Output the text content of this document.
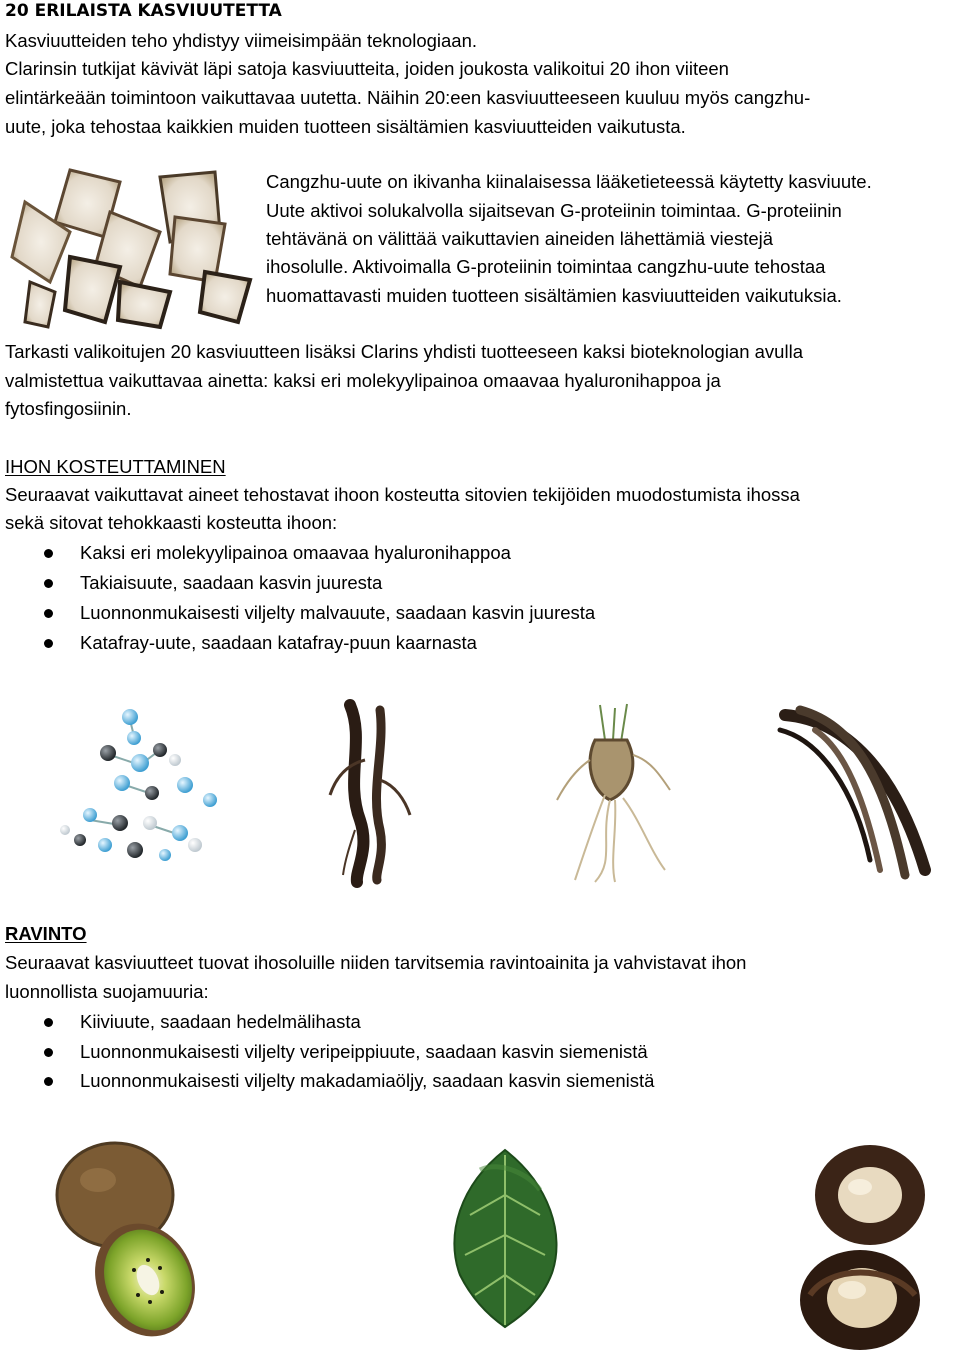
20 ERILAISTA KASVIUUTETTA
Kasviuutteiden teho yhdistyy viimeisimpään teknologiaan.
Clarinsin tutkijat kävivät läpi satoja kasviuutteita, joiden joukosta valikoitui 20 ihon viiteen
elintärkeään toimintoon vaikuttavaa uutetta. Näihin 20:een kasviuutteeseen kuuluu myös cangzhu-
uute, joka tehostaa kaikkien muiden tuotteen sisältämien kasviuutteiden vaikutusta.
Cangzhu-uute on ikivanha kiinalaisessa lääketieteessä käytetty kasviuute.
Uute aktivoi solukalvolla sijaitsevan G-proteiinin toimintaa. G-proteiinin
tehtävänä on välittää vaikuttavien aineiden lähettämiä viestejä
ihosolulle. Aktivoimalla G-proteiinin toimintaa cangzhu-uute tehostaa
huomattavasti muiden tuotteen sisältämien kasviuutteiden vaikutuksia.
Tarkasti valikoitujen 20 kasviuutteen lisäksi Clarins yhdisti tuotteeseen kaksi bioteknologian avulla
valmistettua vaikuttavaa ainetta: kaksi eri molekyylipainoa omaavaa hyaluronihappoa ja
fytosfingosiinin.
IHON KOSTEUTTAMINEN
Seuraavat vaikuttavat aineet tehostavat ihoon kosteutta sitovien tekijöiden muodostumista ihossa
sekä sitovat tehokkaasti kosteutta ihoon:
Kaksi eri molekyylipainoa omaavaa hyaluronihappoa
Takiaisuute, saadaan kasvin juuresta
Luonnonmukaisesti viljelty malvauute, saadaan kasvin juuresta
Katafray-uute, saadaan katafray-puun kaarnasta
RAVINTO
Seuraavat kasviuutteet tuovat ihosoluille niiden tarvitsemia ravintoainita ja vahvistavat ihon
luonnollista suojamuuria:
Kiiviuute, saadaan hedelmälihasta
Luonnonmukaisesti viljelty veripeippiuute, saadaan kasvin siemenistä
Luonnonmukaisesti viljelty makadamiaöljy, saadaan kasvin siemenistä
